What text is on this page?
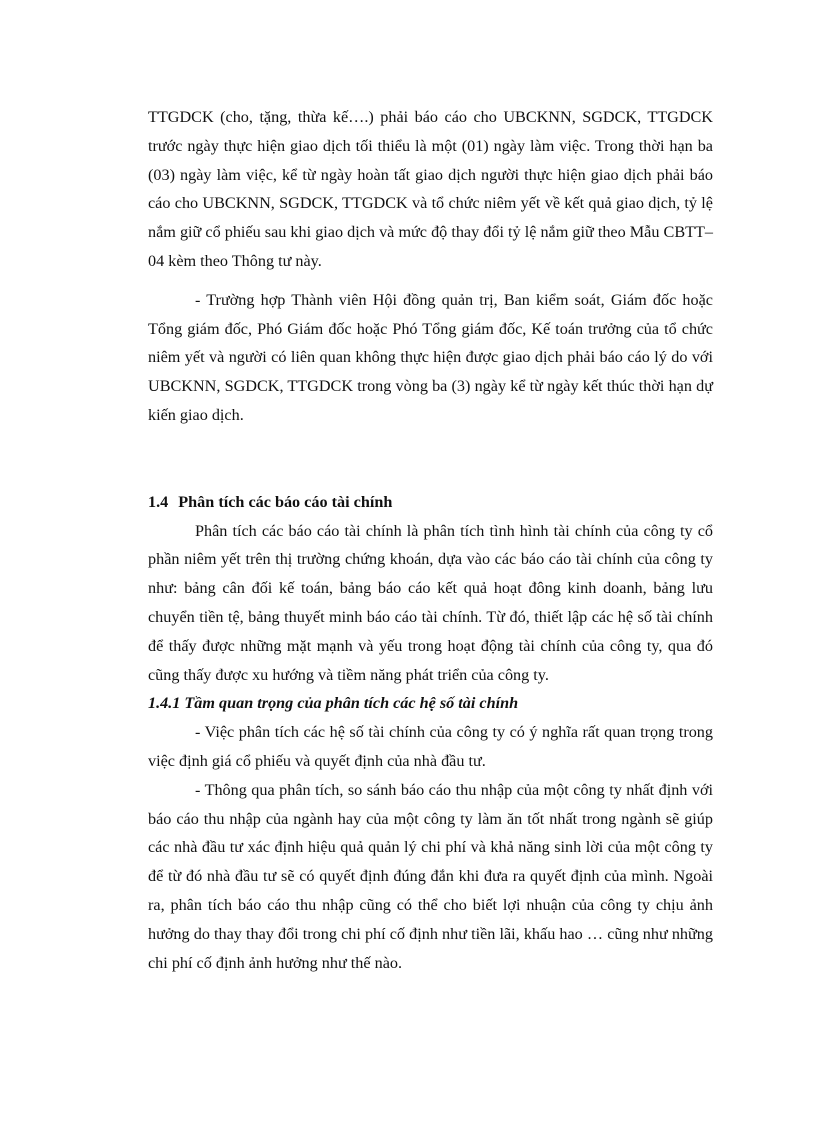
TTGDCK (cho, tặng, thừa kế….) phải báo cáo cho UBCKNN, SGDCK, TTGDCK trước ngày thực hiện giao dịch tối thiểu là một (01) ngày làm việc. Trong thời hạn ba (03) ngày làm việc, kể từ ngày hoàn tất giao dịch người thực hiện giao dịch phải báo cáo cho UBCKNN, SGDCK, TTGDCK và tổ chức niêm yết về kết quả giao dịch, tỷ lệ nắm giữ cổ phiếu sau khi giao dịch và mức độ thay đổi tỷ lệ nắm giữ theo Mẫu CBTT–04 kèm theo Thông tư này.

- Trường hợp Thành viên Hội đồng quản trị, Ban kiểm soát, Giám đốc hoặc Tổng giám đốc, Phó Giám đốc hoặc Phó Tổng giám đốc, Kế toán trưởng của tổ chức niêm yết và người có liên quan không thực hiện được giao dịch phải báo cáo lý do với UBCKNN, SGDCK, TTGDCK trong vòng ba (3) ngày kể từ ngày kết thúc thời hạn dự kiến giao dịch.

1.4 Phân tích các báo cáo tài chính

Phân tích các báo cáo tài chính là phân tích tình hình tài chính của công ty cổ phần niêm yết trên thị trường chứng khoán, dựa vào các báo cáo tài chính của công ty như: bảng cân đối kế toán, bảng báo cáo kết quả hoạt đông kinh doanh, bảng lưu chuyển tiền tệ, bảng thuyết minh báo cáo tài chính. Từ đó, thiết lập các hệ số tài chính để thấy được những mặt mạnh và yếu trong hoạt động tài chính của công ty, qua đó cũng thấy được xu hướng và tiềm năng phát triển của công ty.

1.4.1 Tầm quan trọng của phân tích các hệ số tài chính

- Việc phân tích các hệ số tài chính của công ty có ý nghĩa rất quan trọng trong việc định giá cổ phiếu và quyết định của nhà đầu tư.

- Thông qua phân tích, so sánh báo cáo thu nhập của một công ty nhất định với báo cáo thu nhập của ngành hay của một công ty làm ăn tốt nhất trong ngành sẽ giúp các nhà đầu tư xác định hiệu quả quản lý chi phí và khả năng sinh lời của một công ty để từ đó nhà đầu tư sẽ có quyết định đúng đắn khi đưa ra quyết định của mình. Ngoài ra, phân tích báo cáo thu nhập cũng có thể cho biết lợi nhuận của công ty chịu ảnh hưởng do thay thay đổi trong chi phí cố định như tiền lãi, khấu hao … cũng như những chi phí cố định ảnh hưởng như thế nào.
